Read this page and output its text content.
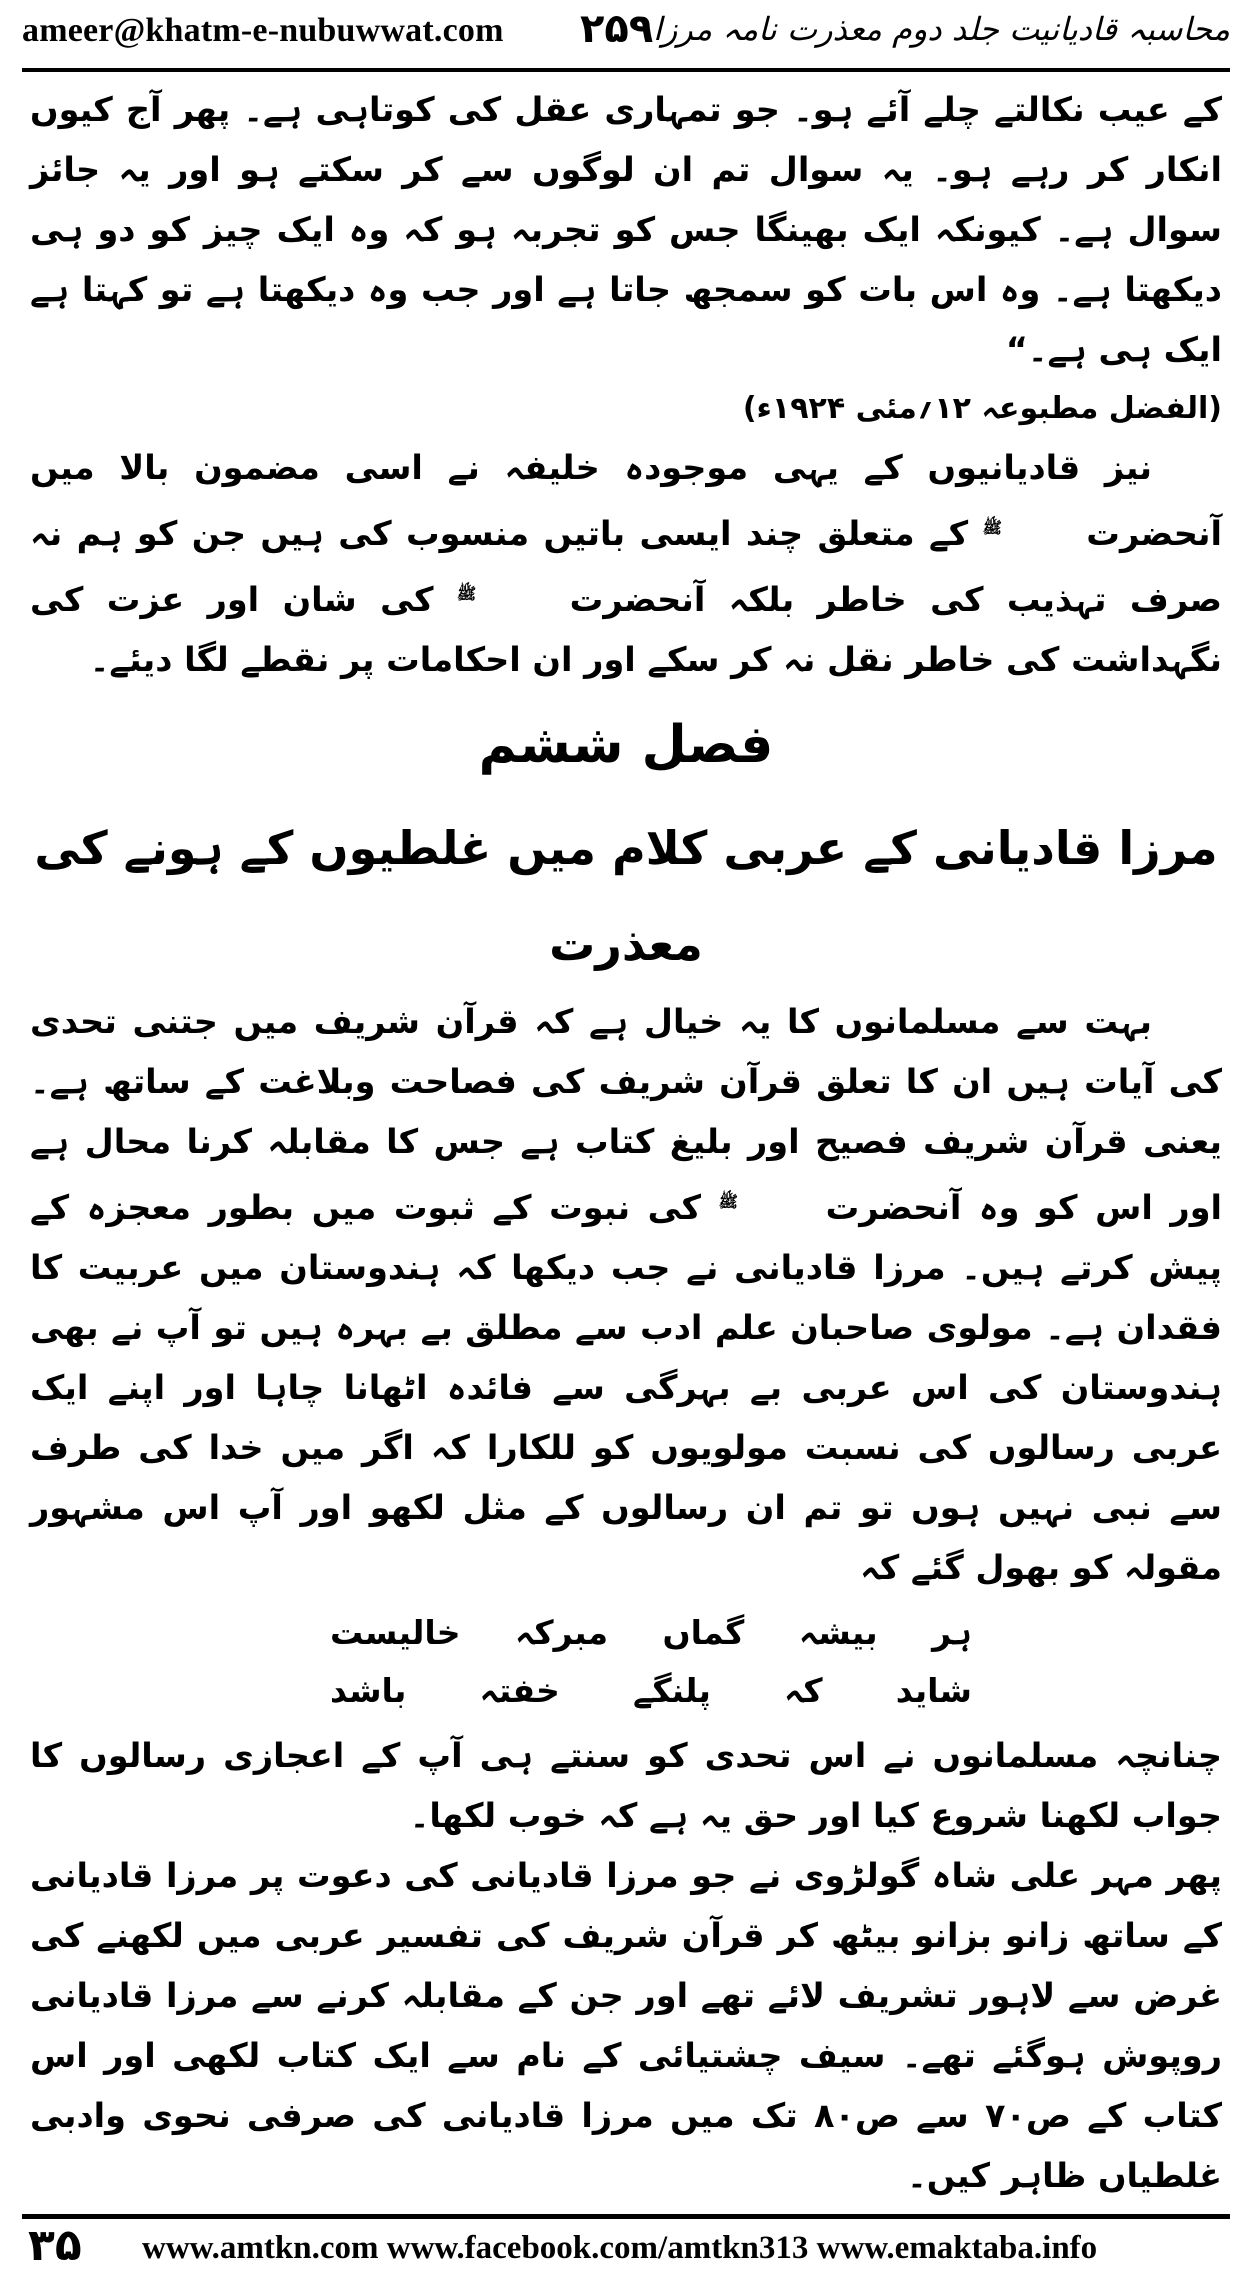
ameer@khatm-e-nubuwwat.com ۲۵۹ محاسبہ قادیانیت جلد دوم معذرت نامہ مرزا

کے عیب نکالتے چلے آئے ہو۔ جو تمہاری عقل کی کوتاہی ہے۔ پھر آج کیوں انکار کر رہے ہو۔ یہ سوال تم ان لوگوں سے کر سکتے ہو اور یہ جائز سوال ہے۔ کیونکہ ایک بھینگا جس کو تجربہ ہو کہ وہ ایک چیز کو دو ہی دیکھتا ہے۔ وہ اس بات کو سمجھ جاتا ہے اور جب وہ دیکھتا ہے تو کہتا ہے ایک ہی ہے۔“

(الفضل مطبوعہ ۱۲؍مئی ۱۹۲۴ء)

نیز قادیانیوں کے یہی موجودہ خلیفہ نے اسی مضمون بالا میں آنحضرت ﷺ کے متعلق چند ایسی باتیں منسوب کی ہیں جن کو ہم نہ صرف تہذیب کی خاطر بلکہ آنحضرت ﷺ کی شان اور عزت کی نگہداشت کی خاطر نقل نہ کر سکے اور ان احکامات پر نقطے لگا دیئے۔

فصل ششم

مرزا قادیانی کے عربی کلام میں غلطیوں کے ہونے کی معذرت

بہت سے مسلمانوں کا یہ خیال ہے کہ قرآن شریف میں جتنی تحدی کی آیات ہیں ان کا تعلق قرآن شریف کی فصاحت وبلاغت کے ساتھ ہے۔ یعنی قرآن شریف فصیح اور بلیغ کتاب ہے جس کا مقابلہ کرنا محال ہے اور اس کو وہ آنحضرت ﷺ کی نبوت کے ثبوت میں بطور معجزہ کے پیش کرتے ہیں۔ مرزا قادیانی نے جب دیکھا کہ ہندوستان میں عربیت کا فقدان ہے۔ مولوی صاحبان علم ادب سے مطلق بے بہرہ ہیں تو آپ نے بھی ہندوستان کی اس عربی بے بہرگی سے فائدہ اٹھانا چاہا اور اپنے ایک عربی رسالوں کی نسبت مولویوں کو للکارا کہ اگر میں خدا کی طرف سے نبی نہیں ہوں تو تم ان رسالوں کے مثل لکھو اور آپ اس مشہور مقولہ کو بھول گئے کہ

ہر
بیشہ
گماں
مبرکہ
خالیست
شاید
کہ
پلنگے
خفتہ
باشد

چنانچہ مسلمانوں نے اس تحدی کو سنتے ہی آپ کے اعجازی رسالوں کا جواب لکھنا شروع کیا اور حق یہ ہے کہ خوب لکھا۔

پھر مہر علی شاہ گولڑوی نے جو مرزا قادیانی کی دعوت پر مرزا قادیانی کے ساتھ زانو بزانو بیٹھ کر قرآن شریف کی تفسیر عربی میں لکھنے کی غرض سے لاہور تشریف لائے تھے اور جن کے مقابلہ کرنے سے مرزا قادیانی روپوش ہوگئے تھے۔ سیف چشتیائی کے نام سے ایک کتاب لکھی اور اس کتاب کے ص۷۰ سے ص۸۰ تک میں مرزا قادیانی کی صرفی نحوی وادبی غلطیاں ظاہر کیں۔

۳۵ www.amtkn.com www.facebook.com/amtkn313 www.emaktaba.info
